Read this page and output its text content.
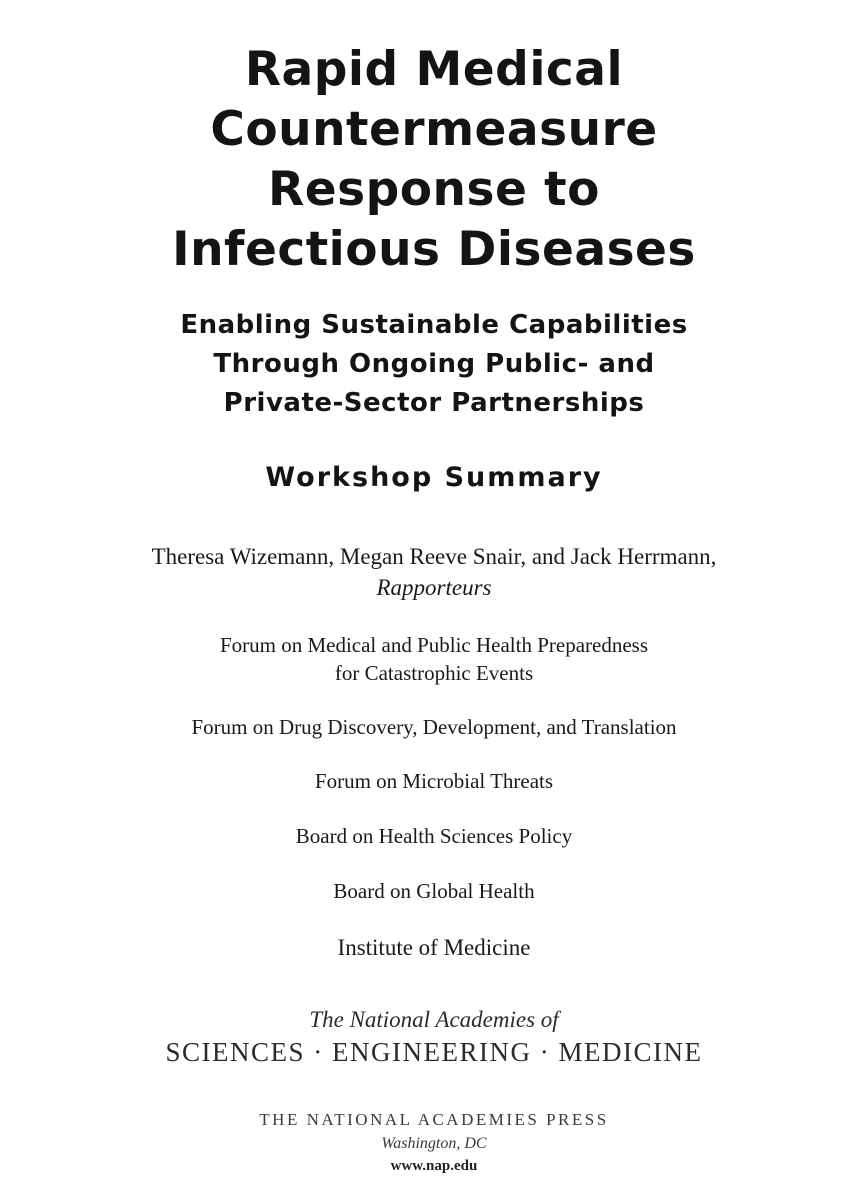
Rapid Medical
Countermeasure
Response to
Infectious Diseases
Enabling Sustainable Capabilities
Through Ongoing Public- and
Private-Sector Partnerships
Workshop Summary
Theresa Wizemann, Megan Reeve Snair, and Jack Herrmann,
Rapporteurs
Forum on Medical and Public Health Preparedness
for Catastrophic Events
Forum on Drug Discovery, Development, and Translation
Forum on Microbial Threats
Board on Health Sciences Policy
Board on Global Health
Institute of Medicine
The National Academies of
SCIENCES · ENGINEERING · MEDICINE
THE NATIONAL ACADEMIES PRESS
Washington, DC
www.nap.edu
